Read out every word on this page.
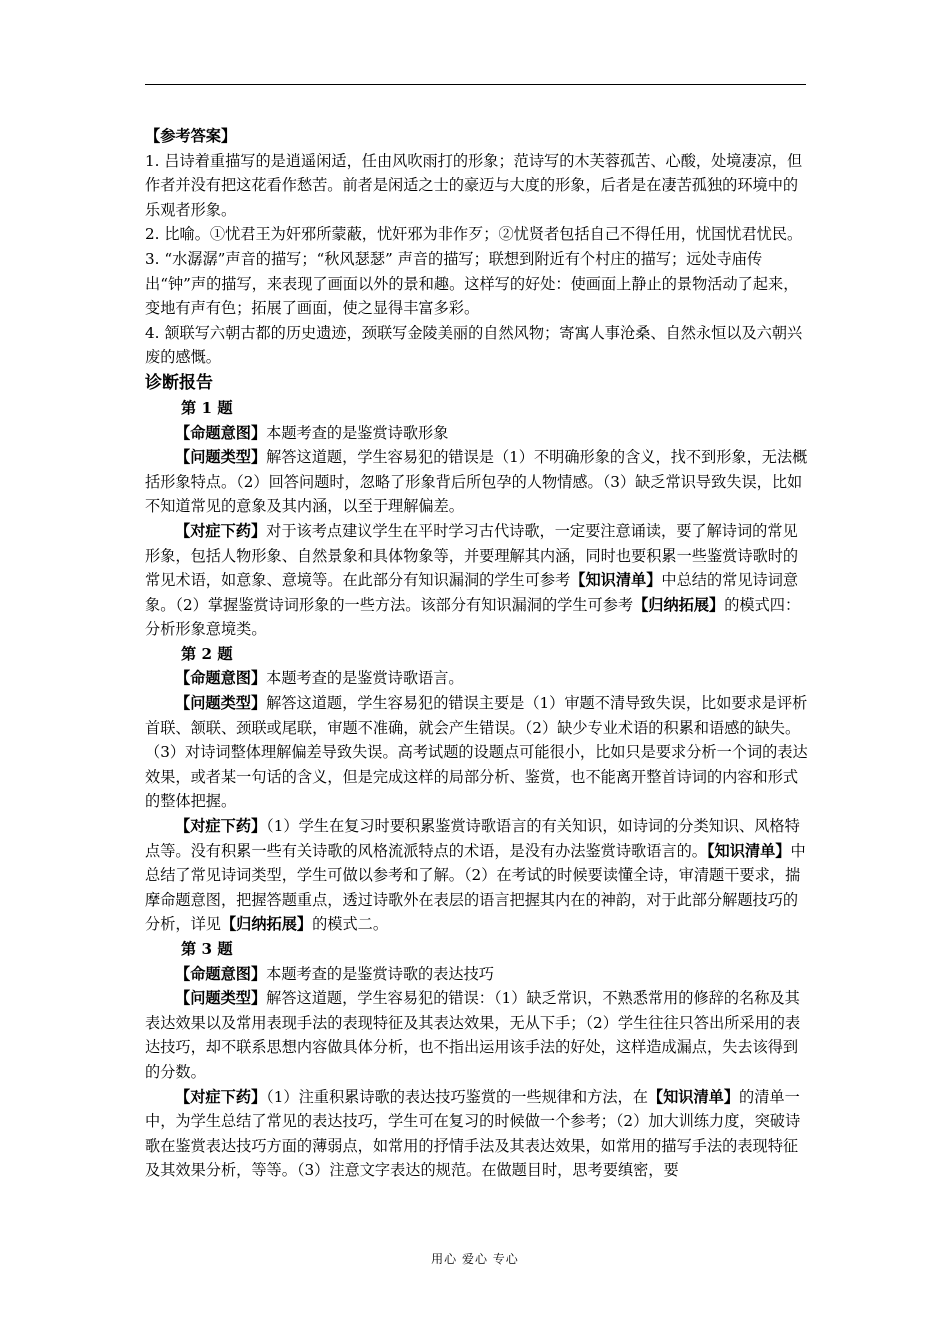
【参考答案】

1. 吕诗着重描写的是逍遥闲适，任由风吹雨打的形象；范诗写的木芙蓉孤苦、心酸，处境凄凉，但作者并没有把这花看作愁苦。前者是闲适之士的豪迈与大度的形象，后者是在凄苦孤独的环境中的乐观者形象。

2. 比喻。①忧君王为奸邪所蒙蔽，忧奸邪为非作歹；②忧贤者包括自己不得任用，忧国忧君忧民。

3. “水潺潺”声音的描写；“秋风瑟瑟” 声音的描写；联想到附近有个村庄的描写；远处寺庙传出“钟”声的描写，来表现了画面以外的景和趣。这样写的好处：使画面上静止的景物活动了起来，变地有声有色；拓展了画面，使之显得丰富多彩。

4. 颔联写六朝古都的历史遗迹，颈联写金陵美丽的自然风物；寄寓人事沧桑、自然永恒以及六朝兴废的感慨。

诊断报告

第 1 题

【命题意图】本题考查的是鉴赏诗歌形象

【问题类型】解答这道题，学生容易犯的错误是（1）不明确形象的含义，找不到形象，无法概括形象特点。（2）回答问题时，忽略了形象背后所包孕的人物情感。（3）缺乏常识导致失误，比如不知道常见的意象及其内涵，以至于理解偏差。

【对症下药】对于该考点建议学生在平时学习古代诗歌，一定要注意诵读，要了解诗词的常见形象，包括人物形象、自然景象和具体物象等，并要理解其内涵，同时也要积累一些鉴赏诗歌时的常见术语，如意象、意境等。在此部分有知识漏洞的学生可参考【知识清单】中总结的常见诗词意象。（2）掌握鉴赏诗词形象的一些方法。该部分有知识漏洞的学生可参考【归纳拓展】的模式四：分析形象意境类。

第 2 题

【命题意图】本题考查的是鉴赏诗歌语言。

【问题类型】解答这道题，学生容易犯的错误主要是（1）审题不清导致失误，比如要求是评析首联、颔联、颈联或尾联，审题不准确，就会产生错误。（2）缺少专业术语的积累和语感的缺失。（3）对诗词整体理解偏差导致失误。高考试题的设题点可能很小，比如只是要求分析一个词的表达效果，或者某一句话的含义，但是完成这样的局部分析、鉴赏，也不能离开整首诗词的内容和形式的整体把握。

【对症下药】（1）学生在复习时要积累鉴赏诗歌语言的有关知识，如诗词的分类知识、风格特点等。没有积累一些有关诗歌的风格流派特点的术语，是没有办法鉴赏诗歌语言的。【知识清单】中总结了常见诗词类型，学生可做以参考和了解。（2）在考试的时候要读懂全诗，审清题干要求，揣摩命题意图，把握答题重点，透过诗歌外在表层的语言把握其内在的神韵，对于此部分解题技巧的分析，详见【归纳拓展】的模式二。

第 3 题

【命题意图】本题考查的是鉴赏诗歌的表达技巧

【问题类型】解答这道题，学生容易犯的错误：（1）缺乏常识，不熟悉常用的修辞的名称及其表达效果以及常用表现手法的表现特征及其表达效果，无从下手；（2）学生往往只答出所采用的表达技巧，却不联系思想内容做具体分析，也不指出运用该手法的好处，这样造成漏点，失去该得到的分数。

【对症下药】（1）注重积累诗歌的表达技巧鉴赏的一些规律和方法，在【知识清单】的清单一中，为学生总结了常见的表达技巧，学生可在复习的时候做一个参考；（2）加大训练力度，突破诗歌在鉴赏表达技巧方面的薄弱点，如常用的抒情手法及其表达效果，如常用的描写手法的表现特征及其效果分析，等等。（3）注意文字表达的规范。在做题目时，思考要缜密，要

用心 爱心 专心
